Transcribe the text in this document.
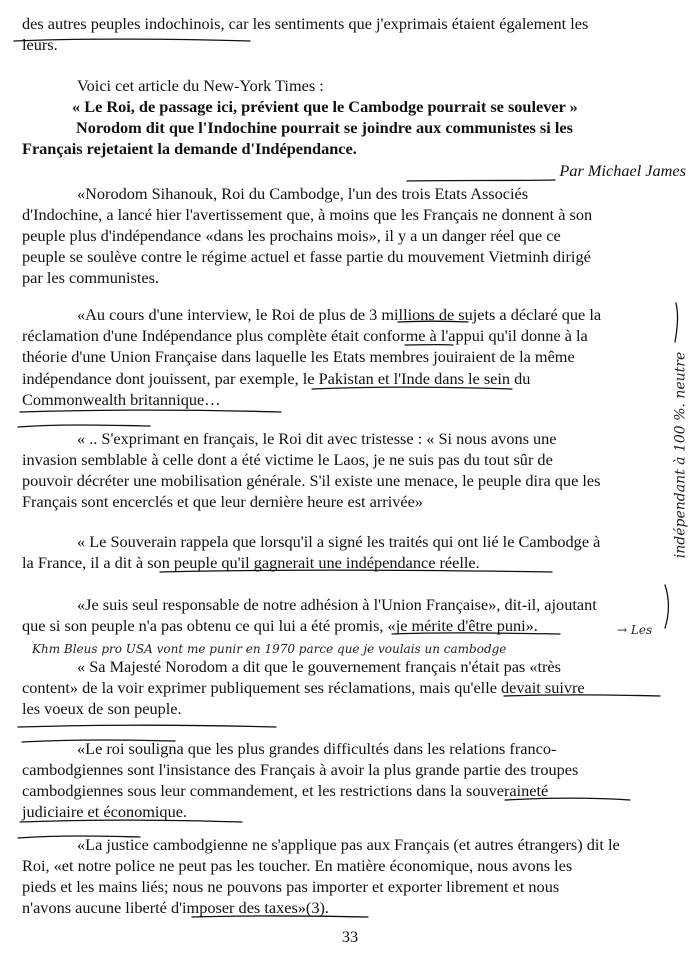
des autres peuples indochinois, car les sentiments que j'exprimais étaient également les
leurs.
Voici cet article du New-York Times :
« Le Roi, de passage ici, prévient que le Cambodge pourrait se soulever »
Norodom dit que l'Indochine pourrait se joindre aux communistes si les
Français rejetaient la demande d'Indépendance.
Par Michael James
«Norodom Sihanouk, Roi du Cambodge, l'un des trois Etats Associés
d'Indochine, a lancé hier l'avertissement que, à moins que les Français ne donnent à son
peuple plus d'indépendance «dans les prochains mois», il y a un danger réel que ce
peuple se soulève contre le régime actuel et fasse partie du mouvement Vietminh dirigé
par les communistes.
«Au cours d'une interview, le Roi de plus de 3 millions de sujets a déclaré que la
réclamation d'une Indépendance plus complète était conforme à l'appui qu'il donne à la
théorie d'une Union Française dans laquelle les Etats membres jouiraient de la même
indépendance dont jouissent, par exemple, le Pakistan et l'Inde dans le sein du
Commonwealth britannique…
« .. S'exprimant en français, le Roi dit avec tristesse : « Si nous avons une
invasion semblable à celle dont a été victime le Laos, je ne suis pas du tout sûr de
pouvoir décréter une mobilisation générale. S'il existe une menace, le peuple dira que les
Français sont encerclés et que leur dernière heure est arrivée»
« Le Souverain rappela que lorsqu'il a signé les traités qui ont lié le Cambodge à
la France, il a dit à son peuple qu'il gagnerait une indépendance réelle.
«Je suis seul responsable de notre adhésion à l'Union Française», dit-il, ajoutant
que si son peuple n'a pas obtenu ce qui lui a été promis, «je mérite d'être puni».	→ Les
Khm Bleus pro USA vont me punir en 1970 parce que je voulais un cambodge
« Sa Majesté Norodom a dit que le gouvernement français n'était pas «très
content» de la voir exprimer publiquement ses réclamations, mais qu'elle devait suivre
les voeux de son peuple.
«Le roi souligna que les plus grandes difficultés dans les relations franco-
cambodgiennes sont l'insistance des Français à avoir la plus grande partie des troupes
cambodgiennes sous leur commandement, et les restrictions dans la souveraineté
judiciaire et économique.
«La justice cambodgienne ne s'applique pas aux Français (et autres étrangers) dit le
Roi, «et notre police ne peut pas les toucher. En matière économique, nous avons les
pieds et les mains liés; nous ne pouvons pas importer et exporter librement et nous
n'avons aucune liberté d'imposer des taxes»(3).
indépendant à 100 %. neutre
33
